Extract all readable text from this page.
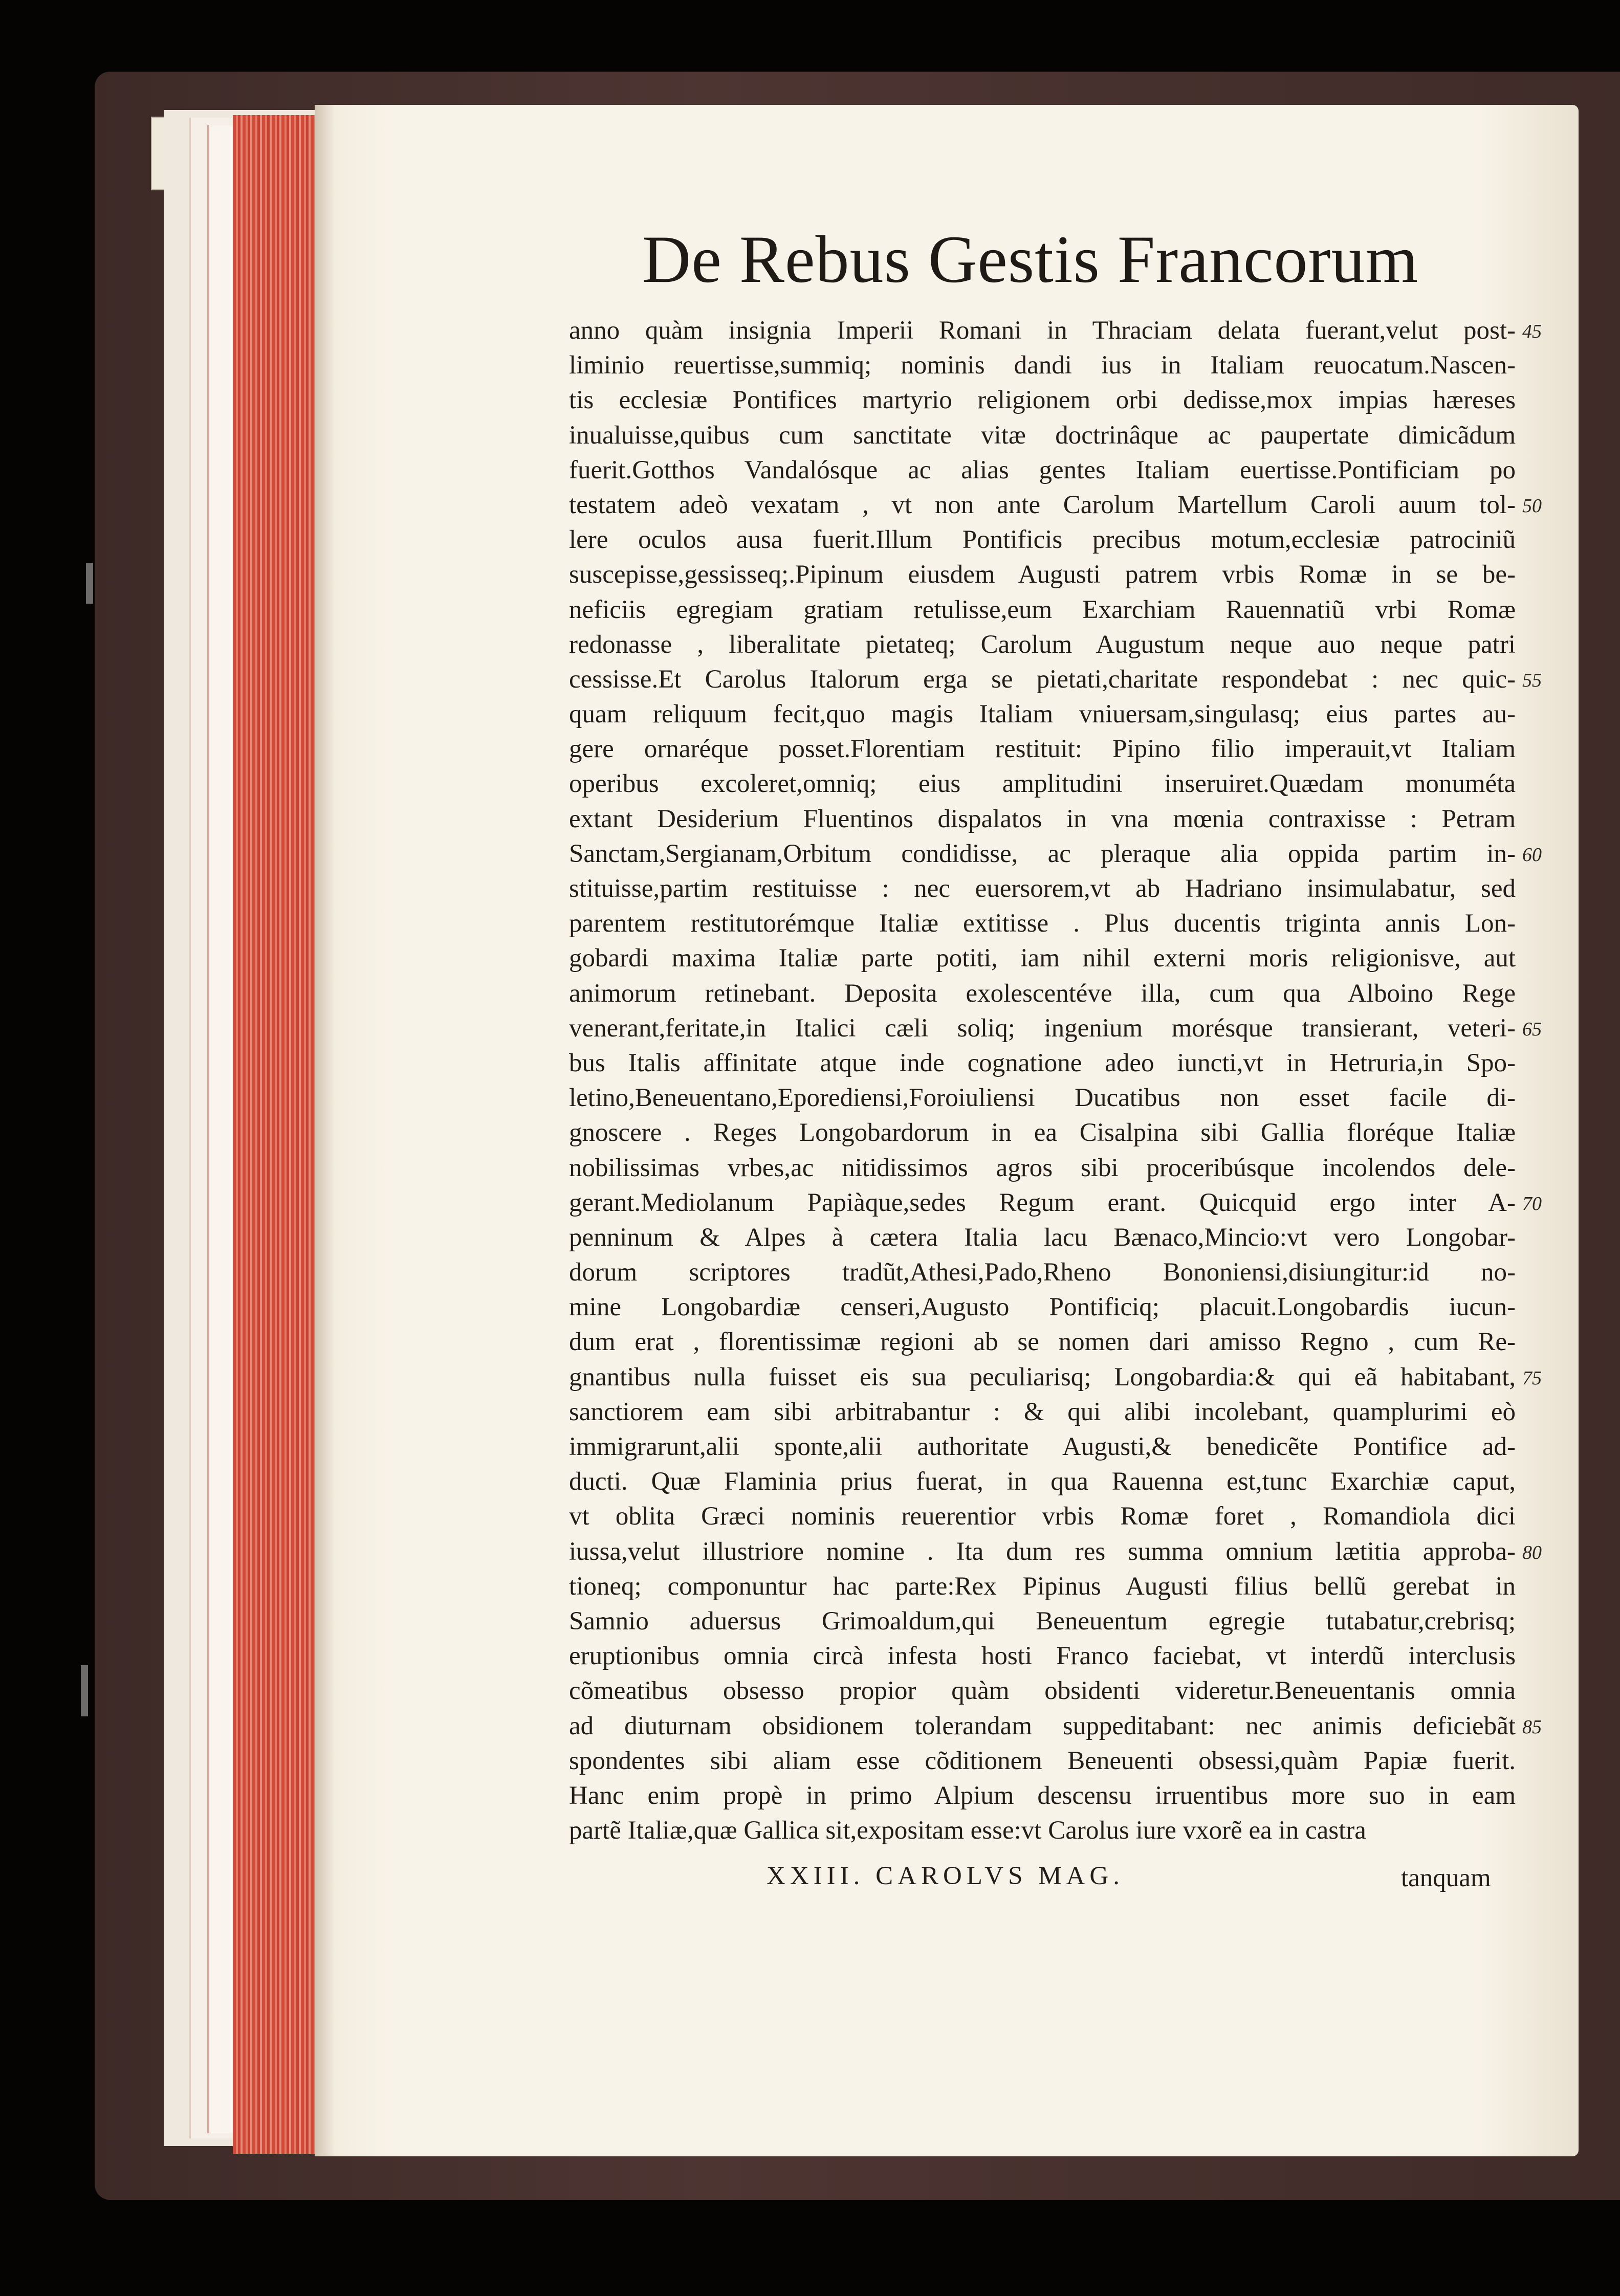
De Rebus Gestis Francorum
anno quàm insignia Imperii Romani in Thraciam delata fuerant,velut post-
liminio reuertisse,summiq; nominis dandi ius in Italiam reuocatum.Nascen-
tis ecclesiæ Pontifices martyrio religionem orbi dedisse,mox impias hæreses
inualuisse,quibus cum sanctitate vitæ doctrinâque ac paupertate dimicãdum
fuerit.Gotthos Vandalósque ac alias gentes Italiam euertisse.Pontificiam po
testatem adeò vexatam , vt non ante Carolum Martellum Caroli auum tol-
lere oculos ausa fuerit.Illum Pontificis precibus motum,ecclesiæ patrociniũ
suscepisse,gessisseq;.Pipinum eiusdem Augusti patrem vrbis Romæ in se be-
neficiis egregiam gratiam retulisse,eum Exarchiam Rauennatiũ vrbi Romæ
redonasse , liberalitate pietateq; Carolum Augustum neque auo neque patri
cessisse.Et Carolus Italorum erga se pietati,charitate respondebat : nec quic-
quam reliquum fecit,quo magis Italiam vniuersam,singulasq; eius partes au-
gere ornaréque posset.Florentiam restituit: Pipino filio imperauit,vt Italiam
operibus excoleret,omniq; eius amplitudini inseruiret.Quædam monuméta
extant Desiderium Fluentinos dispalatos in vna mœnia contraxisse : Petram
Sanctam,Sergianam,Orbitum condidisse, ac pleraque alia oppida partim in-
stituisse,partim restituisse : nec euersorem,vt ab Hadriano insimulabatur, sed
parentem restitutorémque Italiæ extitisse . Plus ducentis triginta annis Lon-
gobardi maxima Italiæ parte potiti, iam nihil externi moris religionisve, aut
animorum retinebant. Deposita exolescentéve illa, cum qua Alboino Rege
venerant,feritate,in Italici cæli soliq; ingenium morésque transierant, veteri-
bus Italis affinitate atque inde cognatione adeo iuncti,vt in Hetruria,in Spo-
letino,Beneuentano,Eporediensi,Foroiuliensi Ducatibus non esset facile di-
gnoscere . Reges Longobardorum in ea Cisalpina sibi Gallia floréque Italiæ
nobilissimas vrbes,ac nitidissimos agros sibi proceribúsque incolendos dele-
gerant.Mediolanum Papiàque,sedes Regum erant. Quicquid ergo inter A-
penninum & Alpes à cætera Italia lacu Bænaco,Mincio:vt vero Longobar-
dorum scriptores tradũt,Athesi,Pado,Rheno Bononiensi,disiungitur:id no-
mine Longobardiæ censeri,Augusto Pontificiq; placuit.Longobardis iucun-
dum erat , florentissimæ regioni ab se nomen dari amisso Regno , cum Re-
gnantibus nulla fuisset eis sua peculiarisq; Longobardia:& qui eã habitabant,
sanctiorem eam sibi arbitrabantur : & qui alibi incolebant, quamplurimi eò
immigrarunt,alii sponte,alii authoritate Augusti,& benedicẽte Pontifice ad-
ducti. Quæ Flaminia prius fuerat, in qua Rauenna est,tunc Exarchiæ caput,
vt oblita Græci nominis reuerentior vrbis Romæ foret , Romandiola dici
iussa,velut illustriore nomine . Ita dum res summa omnium lætitia approba-
tioneq; componuntur hac parte:Rex Pipinus Augusti filius bellũ gerebat in
Samnio aduersus Grimoaldum,qui Beneuentum egregie tutabatur,crebrisq;
eruptionibus omnia circà infesta hosti Franco faciebat, vt interdũ interclusis
cõmeatibus obsesso propior quàm obsidenti videretur.Beneuentanis omnia
ad diuturnam obsidionem tolerandam suppeditabant: nec animis deficiebãt
spondentes sibi aliam esse cõditionem Beneuenti obsessi,quàm Papiæ fuerit.
Hanc enim propè in primo Alpium descensu irruentibus more suo in eam
partẽ Italiæ,quæ Gallica sit,expositam esse:vt Carolus iure vxorẽ ea in castra
45
50
55
60
65
70
75
80
85
XXIII. CAROLVS MAG.	tanquam
